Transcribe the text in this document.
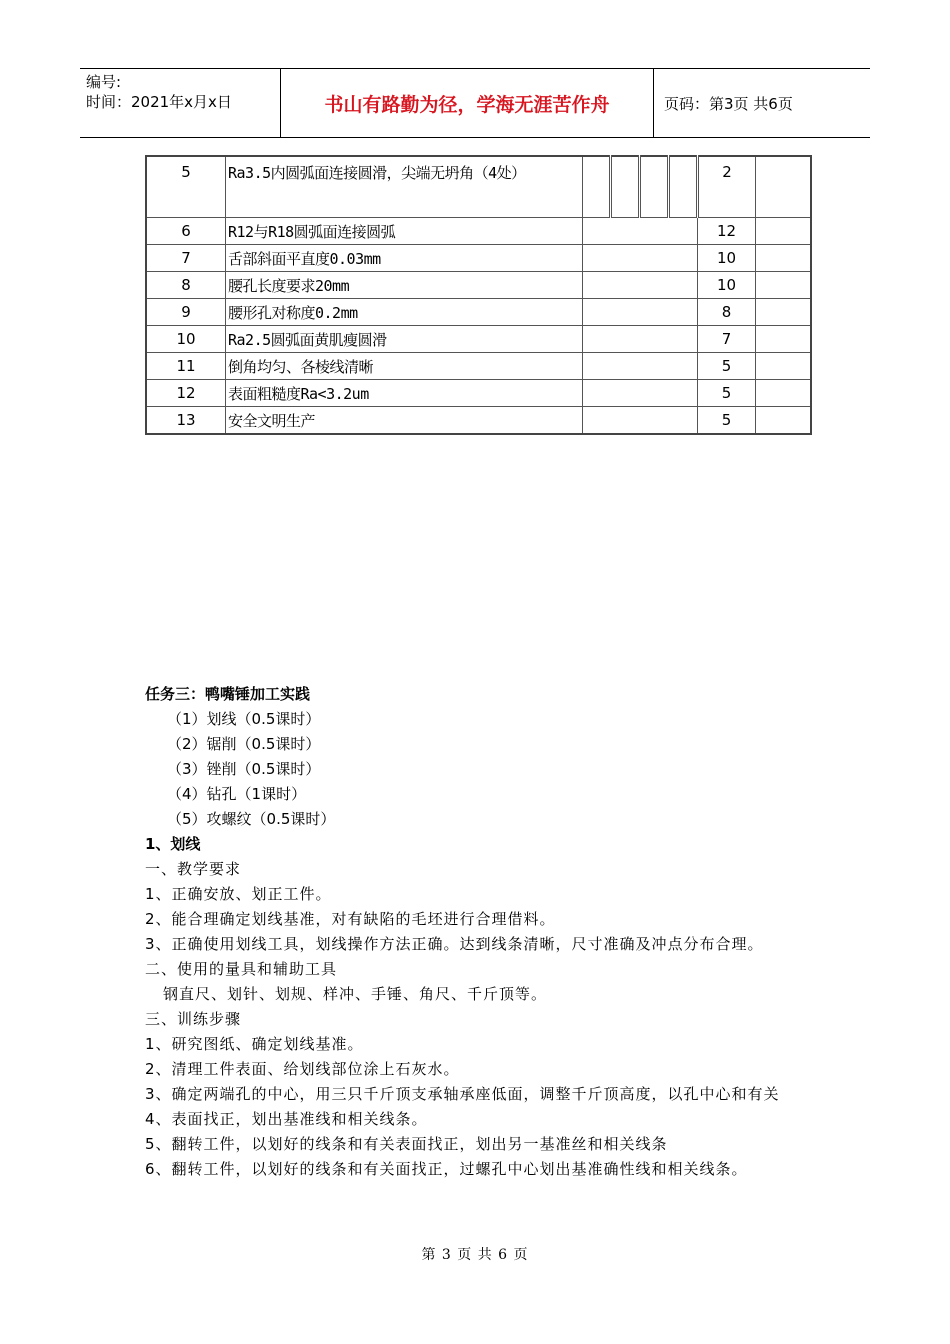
编号:
时间：2021年x月x日	书山有路勤为径，学海无涯苦作舟	页码：第3页 共6页
5	Ra3.5内圆弧面连接圆滑，尖端无坍角（4处）					2	
6	R12与R18圆弧面连接圆弧					12	
7	舌部斜面平直度0.03mm					10	
8	腰孔长度要求20mm					10	
9	腰形孔对称度0.2mm					8	
10	Ra2.5圆弧面黄肌瘦圆滑					7	
11	倒角均匀、各棱线清晰					5	
12	表面粗糙度Ra<3.2um					5	
13	安全文明生产					5	

任务三：鸭嘴锤加工实践

（1）划线（0.5课时）

（2）锯削（0.5课时）

（3）锉削（0.5课时）

（4）钻孔（1课时）

（5）攻螺纹（0.5课时）

1、划线

一、教学要求

1、正确安放、划正工件。

2、能合理确定划线基准，对有缺陷的毛坯进行合理借料。

3、正确使用划线工具，划线操作方法正确。达到线条清晰，尺寸准确及冲点分布合理。

二、使用的量具和辅助工具

钢直尺、划针、划规、样冲、手锤、角尺、千斤顶等。

三、训练步骤

1、研究图纸、确定划线基准。

2、清理工件表面、给划线部位涂上石灰水。

3、确定两端孔的中心，用三只千斤顶支承轴承座低面，调整千斤顶高度，以孔中心和有关

4、表面找正，划出基准线和相关线条。

5、翻转工件，以划好的线条和有关表面找正，划出另一基准丝和相关线条

6、翻转工件，以划好的线条和有关面找正，过螺孔中心划出基准确性线和相关线条。

第 3 页 共 6 页
